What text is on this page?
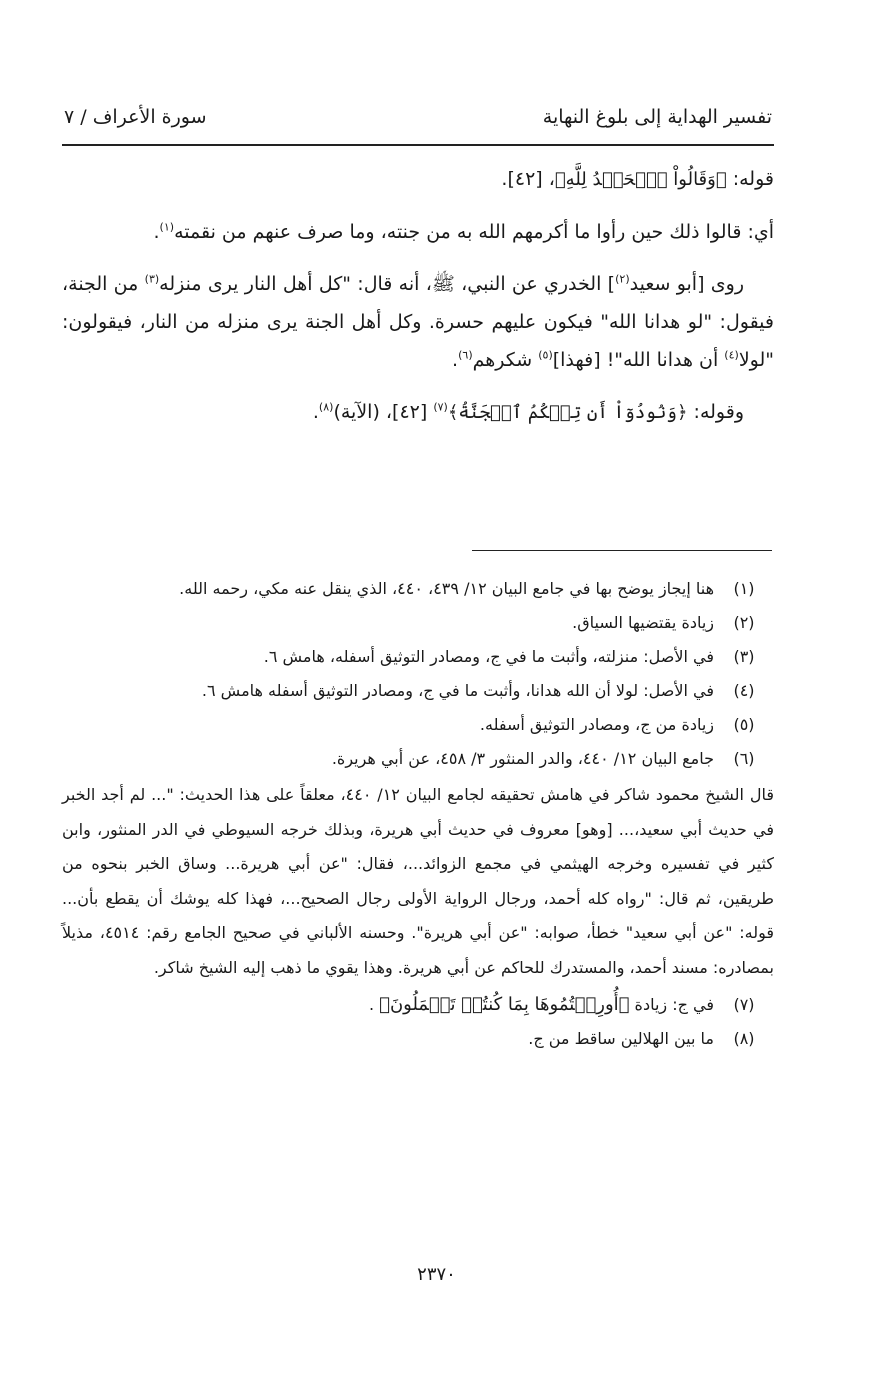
تفسير الهداية إلى بلوغ النهاية
سورة الأعراف / ٧

قوله: ﴿وَقَالُواْ ٱلۡحَمۡدُ لِلَّهِ﴾، [٤٢].

أي: قالوا ذلك حين رأوا ما أكرمهم الله به من جنته، وما صرف عنهم من نقمته$^{(١)}$.

روى [أبو سعيد$^{(٢)}$] الخدري عن النبي، ﷺ، أنه قال: "كل أهل النار يرى منزله$^{(٣)}$ من الجنة، فيقول: "لو هدانا الله" فيكون عليهم حسرة. وكل أهل الجنة يرى منزله من النار، فيقولون: "لولا$^{(٤)}$ أن هدانا الله"! [فهذا]$^{(٥)}$ شكرهم$^{(٦)}$.

وقوله: ﴿وَنُودُوٓاْ أَن تِلۡكُمُ ٱلۡجَنَّةُ﴾$^{(٧)}$ [٤٢]، (الآية)$^{(٨)}$.

(١)
هنا إيجاز يوضح بها في جامع البيان ١٢/ ٤٣٩، ٤٤٠، الذي ينقل عنه مكي، رحمه الله.
(٢)
زيادة يقتضيها السياق.
(٣)
في الأصل: منزلته، وأثبت ما في ج، ومصادر التوثيق أسفله، هامش ٦.
(٤)
في الأصل: لولا أن الله هدانا، وأثبت ما في ج، ومصادر التوثيق أسفله هامش ٦.
(٥)
زيادة من ج، ومصادر التوثيق أسفله.
(٦)
جامع البيان ١٢/ ٤٤٠، والدر المنثور ٣/ ٤٥٨، عن أبي هريرة.

قال الشيخ محمود شاكر في هامش تحقيقه لجامع البيان ١٢/ ٤٤٠، معلقاً على هذا الحديث: "... لم أجد الخبر في حديث أبي سعيد،... [وهو] معروف في حديث أبي هريرة، وبذلك خرجه السيوطي في الدر المنثور، وابن كثير في تفسيره وخرجه الهيثمي في مجمع الزوائد...، فقال: "عن أبي هريرة... وساق الخبر بنحوه من طريقين، ثم قال: "رواه كله أحمد، ورجال الرواية الأولى رجال الصحيح...، فهذا كله يوشك أن يقطع بأن... قوله: "عن أبي سعيد" خطأ، صوابه: "عن أبي هريرة". وحسنه الألباني في صحيح الجامع رقم: ٤٥١٤، مذيلاً بمصادره: مسند أحمد، والمستدرك للحاكم عن أبي هريرة. وهذا يقوي ما ذهب إليه الشيخ شاكر.

(٧)
في ج: زيادة ﴿أُورِثۡتُمُوهَا بِمَا كُنتُمۡ تَعۡمَلُونَ﴾ .
(٨)
ما بين الهلالين ساقط من ج.
٢٣٧٠
